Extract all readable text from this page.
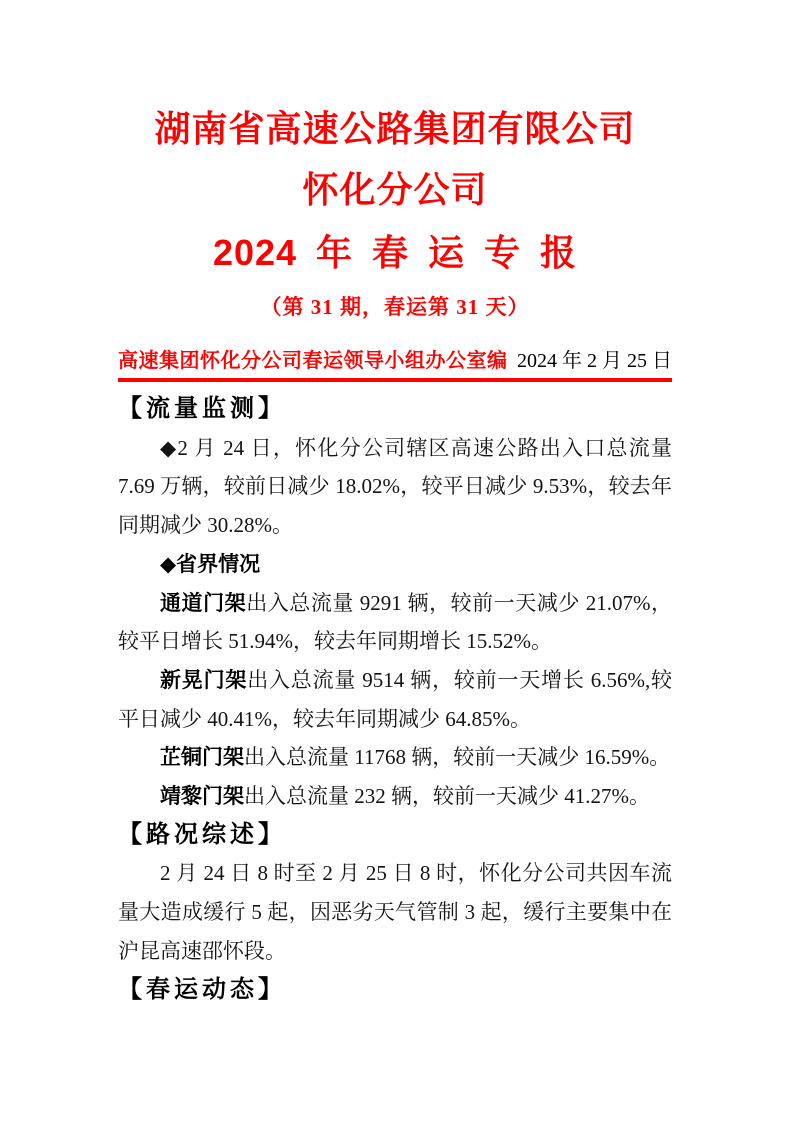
湖南省高速公路集团有限公司
怀化分公司
2024 年 春 运 专 报
（第 31 期，春运第 31 天）
高速集团怀化分公司春运领导小组办公室编 2024 年 2 月 25 日
【流量监测】

◆2 月 24 日，怀化分公司辖区高速公路出入口总流量 7.69 万辆，较前日减少 18.02%，较平日减少 9.53%，较去年同期减少 30.28%。

◆省界情况

通道门架出入总流量 9291 辆，较前一天减少 21.07%，较平日增长 51.94%，较去年同期增长 15.52%。

新晃门架出入总流量 9514 辆，较前一天增长 6.56%,较平日减少 40.41%，较去年同期减少 64.85%。

芷铜门架出入总流量 11768 辆，较前一天减少 16.59%。

靖黎门架出入总流量 232 辆，较前一天减少 41.27%。

【路况综述】

2 月 24 日 8 时至 2 月 25 日 8 时，怀化分公司共因车流量大造成缓行 5 起，因恶劣天气管制 3 起，缓行主要集中在沪昆高速邵怀段。

【春运动态】
